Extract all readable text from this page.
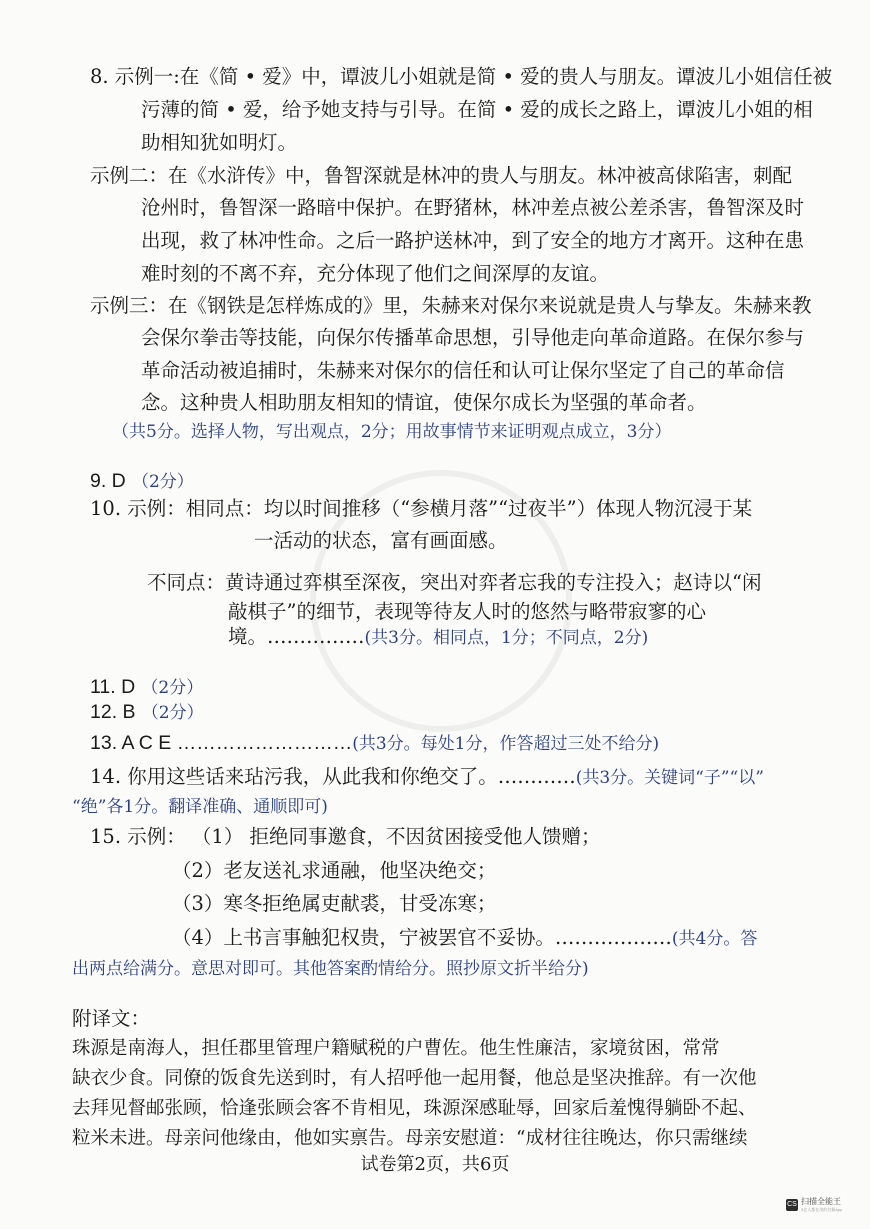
8. 示例一:在《简 • 爱》中，谭波儿小姐就是简 • 爱的贵人与朋友。谭波儿小姐信任被
污薄的简 • 爱，给予她支持与引导。在简 • 爱的成长之路上，谭波儿小姐的相
助相知犹如明灯。
示例二：在《水浒传》中，鲁智深就是林冲的贵人与朋友。林冲被高俅陷害，刺配
沧州时，鲁智深一路暗中保护。在野猪林，林冲差点被公差杀害，鲁智深及时
出现，救了林冲性命。之后一路护送林冲，到了安全的地方才离开。这种在患
难时刻的不离不弃，充分体现了他们之间深厚的友谊。
示例三：在《钢铁是怎样炼成的》里，朱赫来对保尔来说就是贵人与挚友。朱赫来教
会保尔拳击等技能，向保尔传播革命思想，引导他走向革命道路。在保尔参与
革命活动被追捕时，朱赫来对保尔的信任和认可让保尔坚定了自己的革命信
念。这种贵人相助朋友相知的情谊，使保尔成长为坚强的革命者。
（共5分。选择人物，写出观点，2分；用故事情节来证明观点成立，3分）
9. D （2分）
10. 示例：相同点：均以时间推移（“参横月落”“过夜半”）体现人物沉浸于某
一活动的状态，富有画面感。
不同点：黄诗通过弈棋至深夜，突出对弈者忘我的专注投入；赵诗以“闲
敲棋子”的细节，表现等待友人时的悠然与略带寂寥的心
境。……………(共3分。相同点，1分；不同点，2分)
11. D （2分）
12. B （2分）
13. A C E ………………………(共3分。每处1分，作答超过三处不给分)
14. 你用这些话来玷污我，从此我和你绝交了。…………(共3分。关键词“子”“以”
“绝”各1分。翻译准确、通顺即可)
15. 示例： （1） 拒绝同事邀食，不因贫困接受他人馈赠；
（2）老友送礼求通融，他坚决绝交；
（3）寒冬拒绝属吏献裘，甘受冻寒；
（4）上书言事触犯权贵，宁被罢官不妥协。………………(共4分。答
出两点给满分。意思对即可。其他答案酌情给分。照抄原文折半给分)
附译文：
珠源是南海人，担任郡里管理户籍赋税的户曹佐。他生性廉洁，家境贫困，常常
缺衣少食。同僚的饭食先送到时，有人招呼他一起用餐，他总是坚决推辞。有一次他
去拜见督邮张顾，恰逢张顾会客不肯相见，珠源深感耻辱，回家后羞愧得躺卧不起、
粒米未进。母亲问他缘由，他如实禀告。母亲安慰道：“成材往往晚达，你只需继续
试卷第2页，共6页
CS 扫描全能王
3亿人都在用的扫描App
